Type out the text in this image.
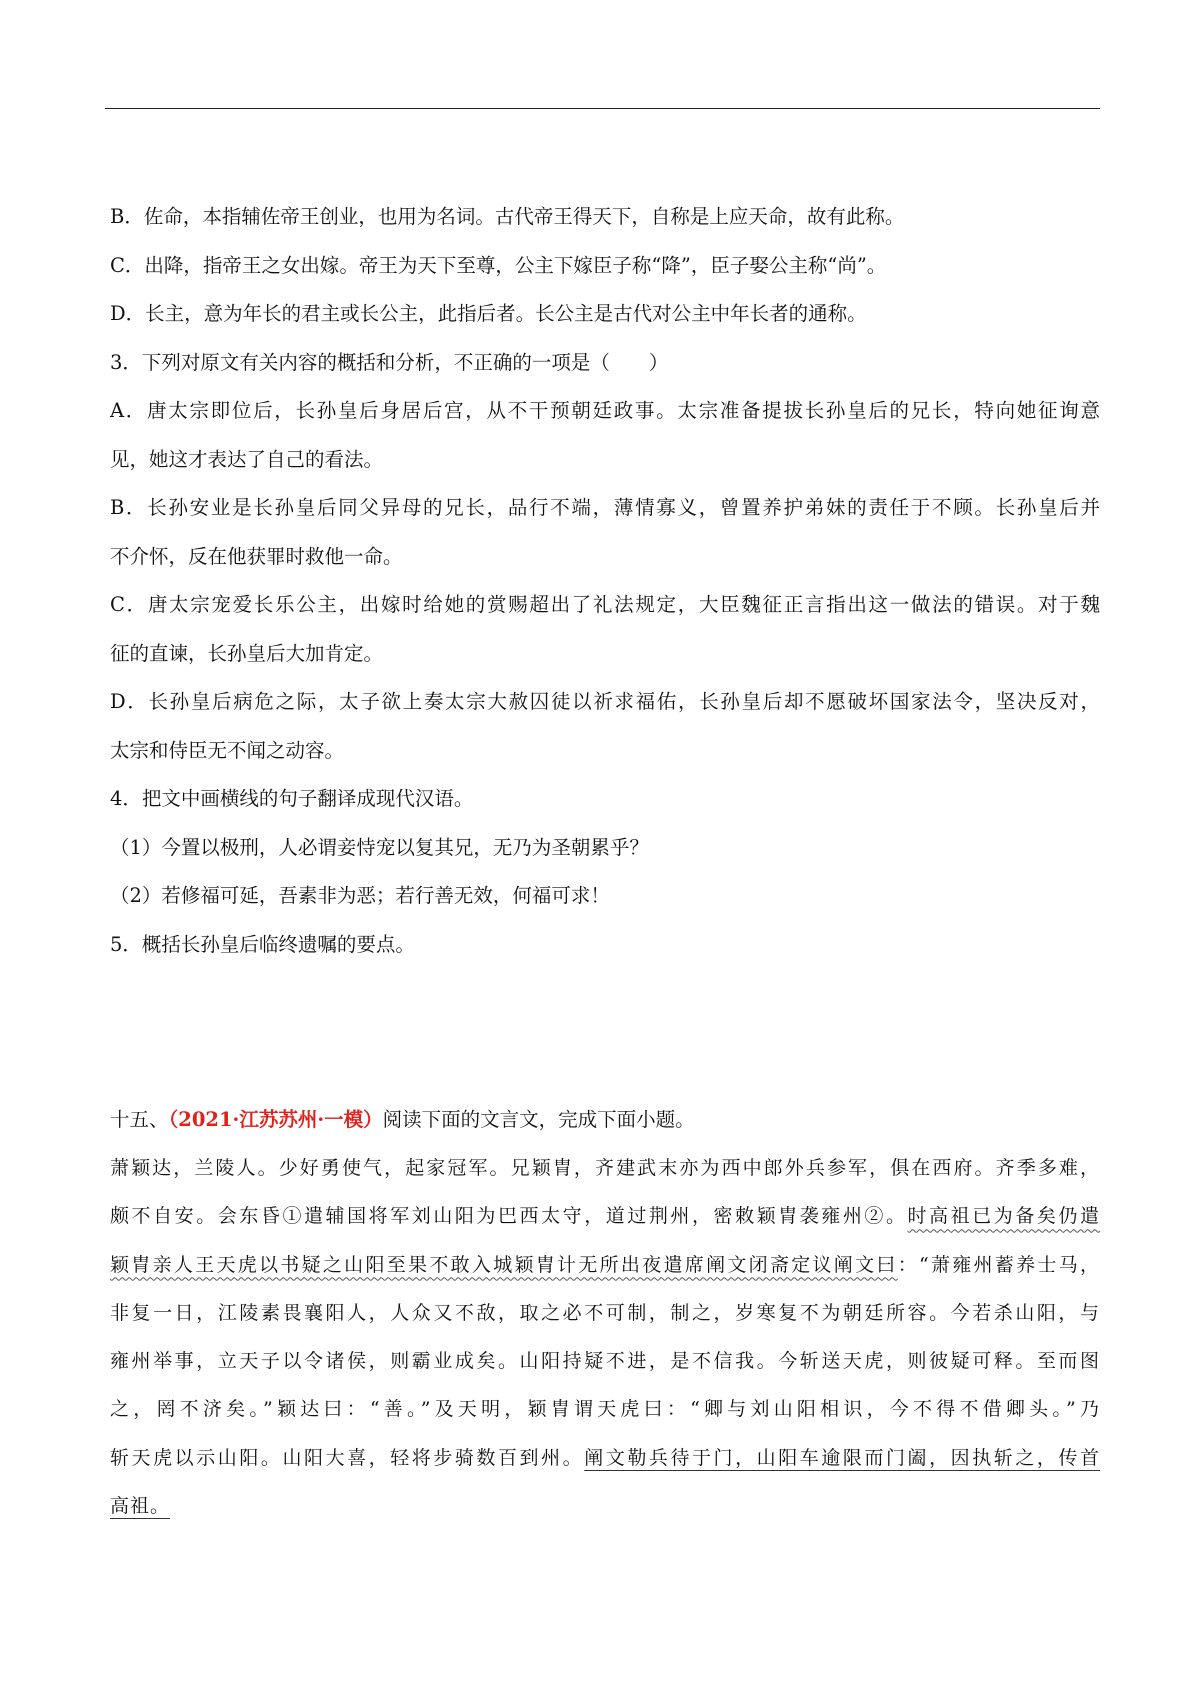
B．佐命，本指辅佐帝王创业，也用为名词。古代帝王得天下，自称是上应天命，故有此称。
C．出降，指帝王之女出嫁。帝王为天下至尊，公主下嫁臣子称“降”，臣子娶公主称“尚”。
D．长主，意为年长的君主或长公主，此指后者。长公主是古代对公主中年长者的通称。
3．下列对原文有关内容的概括和分析，不正确的一项是（　　）
A．唐太宗即位后，长孙皇后身居后宫，从不干预朝廷政事。太宗准备提拔长孙皇后的兄长，特向她征询意
见，她这才表达了自己的看法。
B．长孙安业是长孙皇后同父异母的兄长，品行不端，薄情寡义，曾置养护弟妹的责任于不顾。长孙皇后并
不介怀，反在他获罪时救他一命。
C．唐太宗宠爱长乐公主，出嫁时给她的赏赐超出了礼法规定，大臣魏征正言指出这一做法的错误。对于魏
征的直谏，长孙皇后大加肯定。
D．长孙皇后病危之际，太子欲上奏太宗大赦囚徒以祈求福佑，长孙皇后却不愿破坏国家法令，坚决反对，
太宗和侍臣无不闻之动容。
4．把文中画横线的句子翻译成现代汉语。
（1）今置以极刑，人必谓妾恃宠以复其兄，无乃为圣朝累乎？
（2）若修福可延，吾素非为恶；若行善无效，何福可求！
5．概括长孙皇后临终遗嘱的要点。
十五、（2021·江苏苏州·一模）阅读下面的文言文，完成下面小题。
萧颖达，兰陵人。少好勇使气，起家冠军。兄颖胄，齐建武末亦为西中郎外兵参军，俱在西府。齐季多难，
颇不自安。会东昏①遣辅国将军刘山阳为巴西太守，道过荆州，密敕颖胄袭雍州②。时高祖已为备矣仍遣
颖胄亲人王天虎以书疑之山阳至果不敢入城颖胄计无所出夜遣席阐文闭斋定议阐文曰：“萧雍州蓄养士马，
非复一日，江陵素畏襄阳人，人众又不敌，取之必不可制，制之，岁寒复不为朝廷所容。今若杀山阳，与
雍州举事，立天子以令诸侯，则霸业成矣。山阳持疑不进，是不信我。今斩送天虎，则彼疑可释。至而图
之，罔不济矣。”颖达曰：“善。”及天明，颖胄谓天虎曰：“卿与刘山阳相识，今不得不借卿头。”乃
斩天虎以示山阳。山阳大喜，轻将步骑数百到州。阐文勒兵待于门，山阳车逾限而门阖，因执斩之，传首
高祖。
